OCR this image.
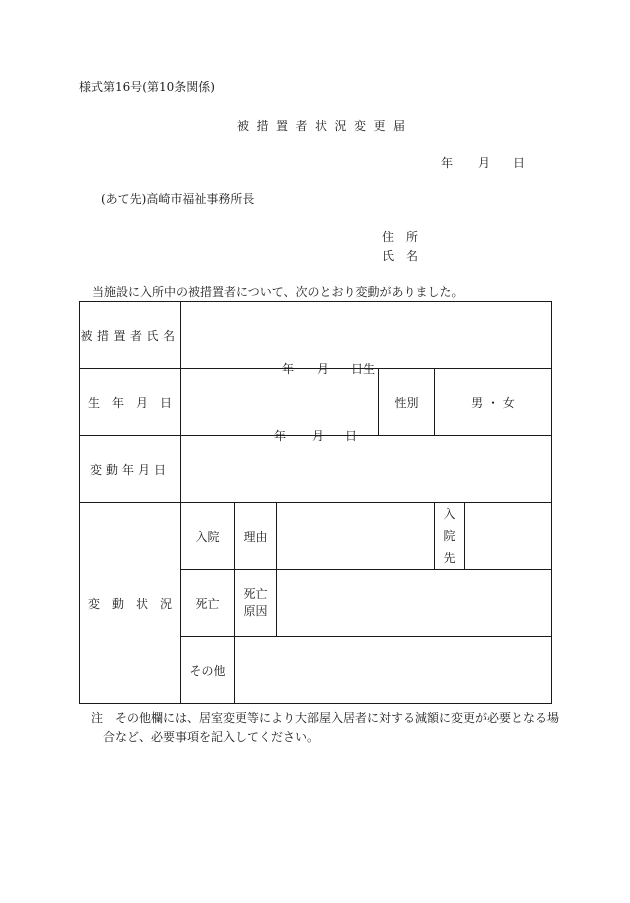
様式第16号(第10条関係)
被措置者状況変更届
年 月 日
(あて先)高崎市福祉事務所長
住　所
氏　名
当施設に入所中の被措置者について、次のとおり変動がありました。
被措置者氏名						
生　年　月　日	年 月 日生			性別	男 ・ 女	
変動年月日	年 月 日					

変　動　状　況	入院	理由			入
院
先	
	死亡	死亡
原因				
	その他					
注　その他欄には、居室変更等により大部屋入居者に対する減額に変更が必要となる場
合など、必要事項を記入してください。
